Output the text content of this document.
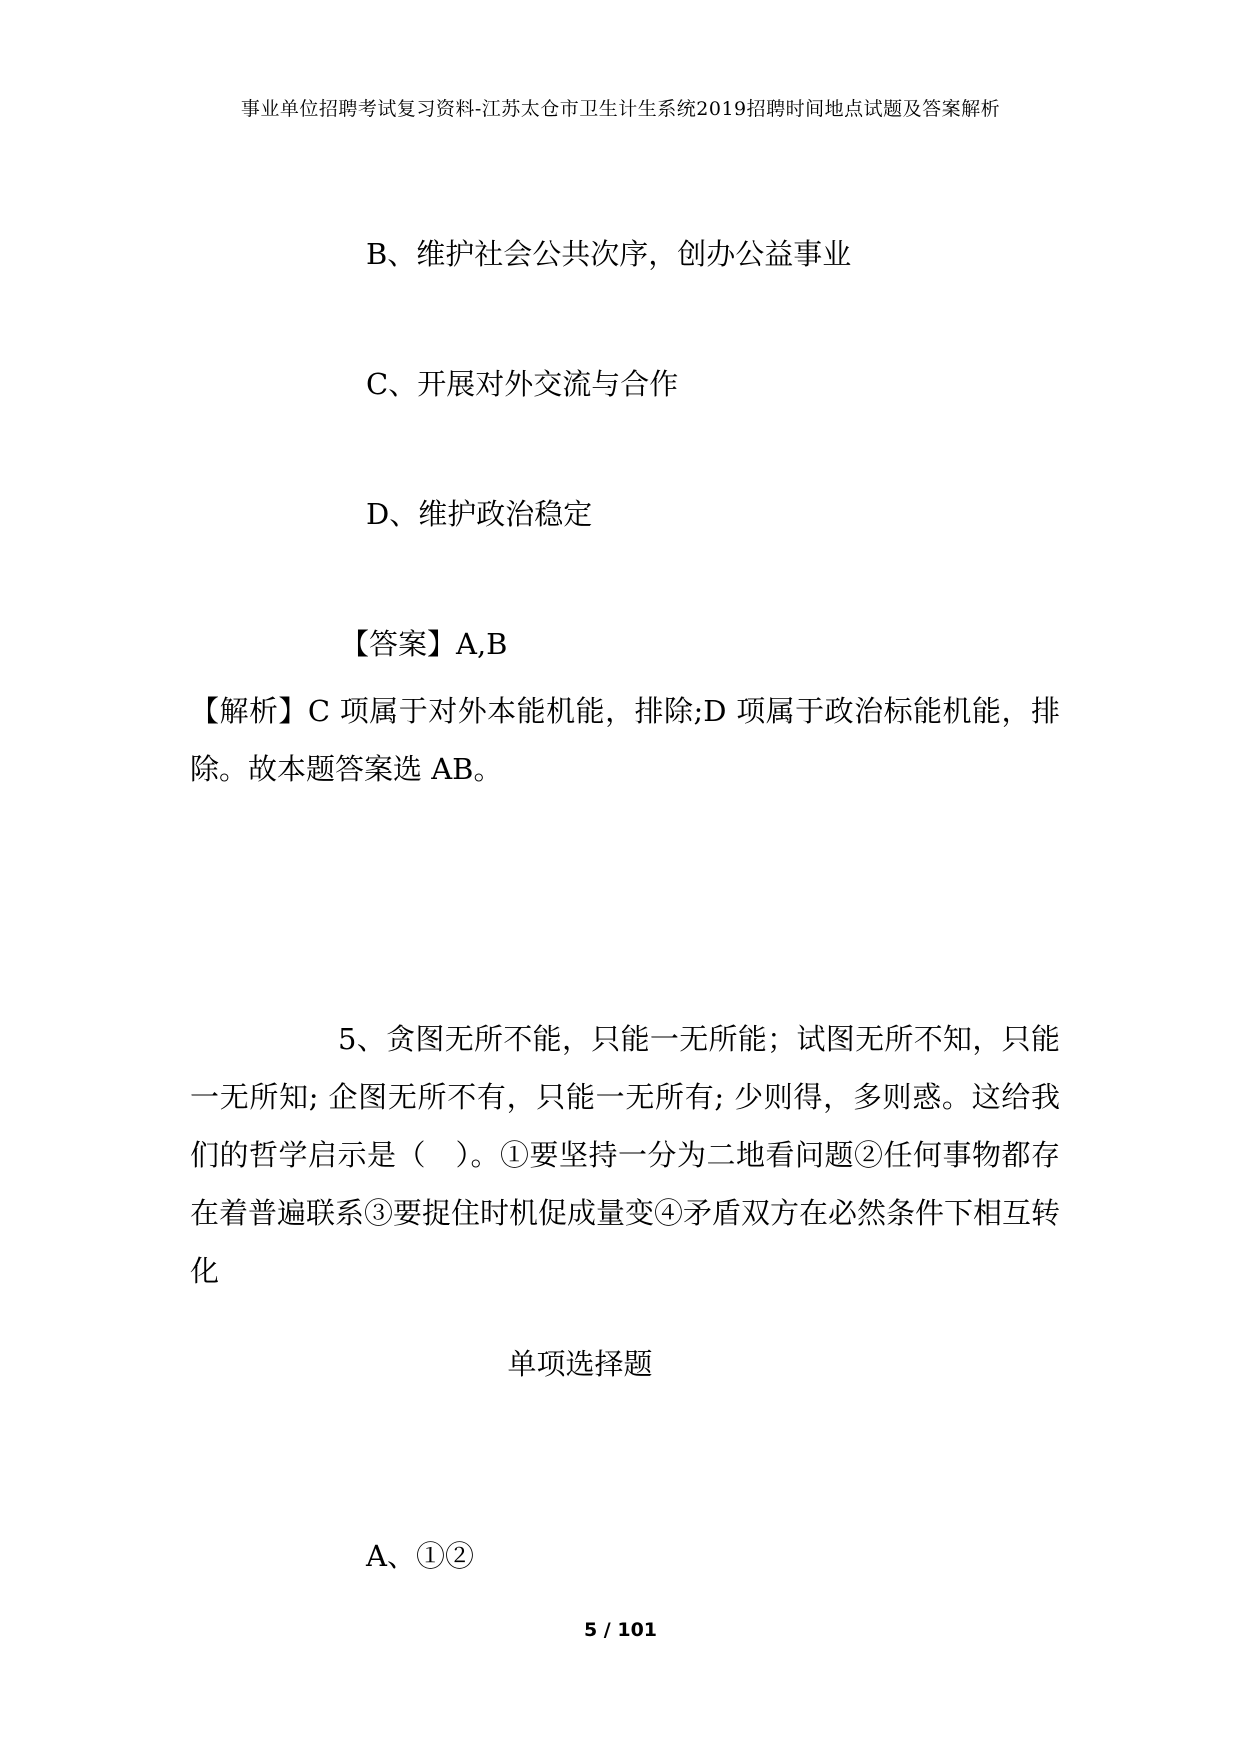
事业单位招聘考试复习资料-江苏太仓市卫生计生系统2019招聘时间地点试题及答案解析
B、维护社会公共次序，创办公益事业
C、开展对外交流与合作
D、维护政治稳定
【答案】A,B
【解析】C 项属于对外本能机能，排除;D 项属于政治标能机能，排除。故本题答案选 AB。
5、贪图无所不能，只能一无所能；试图无所不知，只能一无所知; 企图无所不有，只能一无所有; 少则得，多则惑。这给我们的哲学启示是（　）。①要坚持一分为二地看问题②任何事物都存在着普遍联系③要捉住时机促成量变④矛盾双方在必然条件下相互转化
单项选择题
A、①②
5 / 101
